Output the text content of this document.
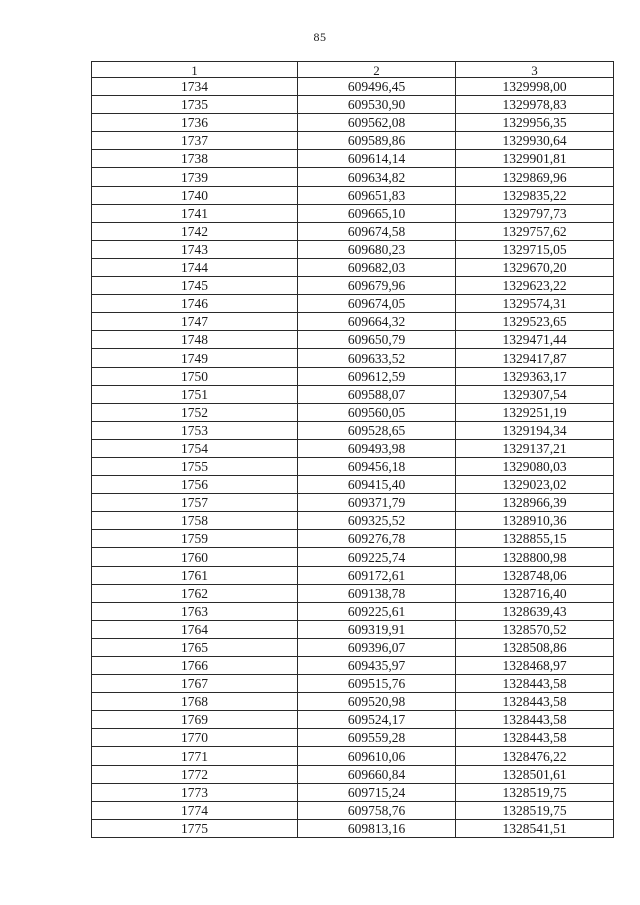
85
1	2	3
1734	609496,45	1329998,00
1735	609530,90	1329978,83
1736	609562,08	1329956,35
1737	609589,86	1329930,64
1738	609614,14	1329901,81
1739	609634,82	1329869,96
1740	609651,83	1329835,22
1741	609665,10	1329797,73
1742	609674,58	1329757,62
1743	609680,23	1329715,05
1744	609682,03	1329670,20
1745	609679,96	1329623,22
1746	609674,05	1329574,31
1747	609664,32	1329523,65
1748	609650,79	1329471,44
1749	609633,52	1329417,87
1750	609612,59	1329363,17
1751	609588,07	1329307,54
1752	609560,05	1329251,19
1753	609528,65	1329194,34
1754	609493,98	1329137,21
1755	609456,18	1329080,03
1756	609415,40	1329023,02
1757	609371,79	1328966,39
1758	609325,52	1328910,36
1759	609276,78	1328855,15
1760	609225,74	1328800,98
1761	609172,61	1328748,06
1762	609138,78	1328716,40
1763	609225,61	1328639,43
1764	609319,91	1328570,52
1765	609396,07	1328508,86
1766	609435,97	1328468,97
1767	609515,76	1328443,58
1768	609520,98	1328443,58
1769	609524,17	1328443,58
1770	609559,28	1328443,58
1771	609610,06	1328476,22
1772	609660,84	1328501,61
1773	609715,24	1328519,75
1774	609758,76	1328519,75
1775	609813,16	1328541,51
